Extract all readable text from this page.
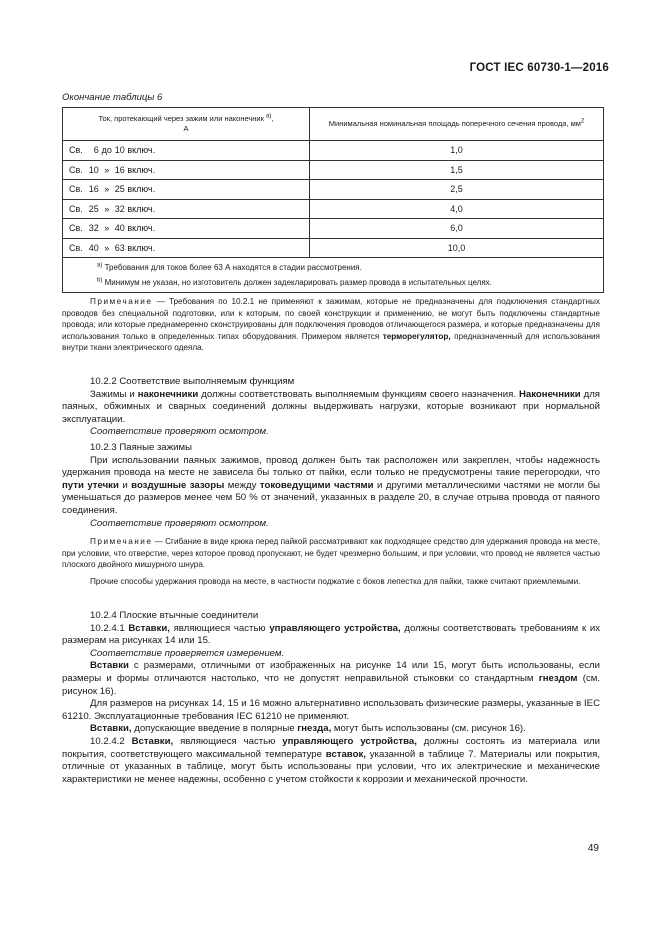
ГОСТ IEC 60730-1—2016
Окончание таблицы 6
Ток, протекающий через зажим или наконечник $^{a)}$,
A	Минимальная номинальная площадь поперечного сечения провода, $мм^2$
Св. 6 до 10 включ.	1,0
Св. 10 » 16 включ.	1,5
Св. 16 » 25 включ.	2,5
Св. 25 » 32 включ.	4,0
Св. 32 » 40 включ.	6,0
Св. 40 » 63 включ.	10,0

$^{a)}$ Требования для токов более 63 А находятся в стадии рассмотрения.
$^{b)}$ Минимум не указан, но изготовитель должен задекларировать размер провода в испытательных целях.	

Примечание — Требования по 10.2.1 не применяют к зажимам, которые не предназначены для подключения стандартных проводов без специальной подготовки, или к которым, по своей конструкции и применению, не могут быть подключены стандартные провода; или которые преднамеренно сконструированы для подключения проводов отличающегося размера, и которые предназначены для использования только в определенных типах оборудования. Примером является терморегулятор, предназначенный для использования внутри ткани электрического одеяла.

10.2.2 Соответствие выполняемым функциям

Зажимы и наконечники должны соответствовать выполняемым функциям своего назначения. Наконечники для паяных, обжимных и сварных соединений должны выдерживать нагрузки, которые возникают при нормальной эксплуатации.

Соответствие проверяют осмотром.

10.2.3 Паяные зажимы

При использовании паяных зажимов, провод должен быть так расположен или закреплен, чтобы надежность удержания провода на месте не зависела бы только от пайки, если только не предусмотрены такие перегородки, что пути утечки и воздушные зазоры между токоведущими частями и другими металлическими частями не могли бы уменьшаться до размеров менее чем 50 % от значений, указанных в разделе 20, в случае отрыва провода от паяного соединения.

Соответствие проверяют осмотром.

Примечание — Сгибание в виде крюка перед пайкой рассматривают как подходящее средство для удержания провода на месте, при условии, что отверстие, через которое провод пропускают, не будет чрезмерно большим, и при условии, что провод не является частью плоского двойного мишурного шнура.

Прочие способы удержания провода на месте, в частности поджатие с боков лепестка для пайки, также считают приемлемыми.

10.2.4 Плоские втычные соединители

10.2.4.1 Вставки, являющиеся частью управляющего устройства, должны соответствовать требованиям к их размерам на рисунках 14 или 15.

Соответствие проверяется измерением.

Вставки с размерами, отличными от изображенных на рисунке 14 или 15, могут быть использованы, если размеры и формы отличаются настолько, что не допустят неправильной стыковки со стандартным гнездом (см. рисунок 16).

Для размеров на рисунках 14, 15 и 16 можно альтернативно использовать физические размеры, указанные в IEC 61210. Эксплуатационные требования IEC 61210 не применяют.

Вставки, допускающие введение в полярные гнезда, могут быть использованы (см. рисунок 16).

10.2.4.2 Вставки, являющиеся частью управляющего устройства, должны состоять из материала или покрытия, соответствующего максимальной температуре вставок, указанной в таблице 7. Материалы или покрытия, отличные от указанных в таблице, могут быть использованы при условии, что их электрические и механические характеристики не менее надежны, особенно с учетом стойкости к коррозии и механической прочности.

49
